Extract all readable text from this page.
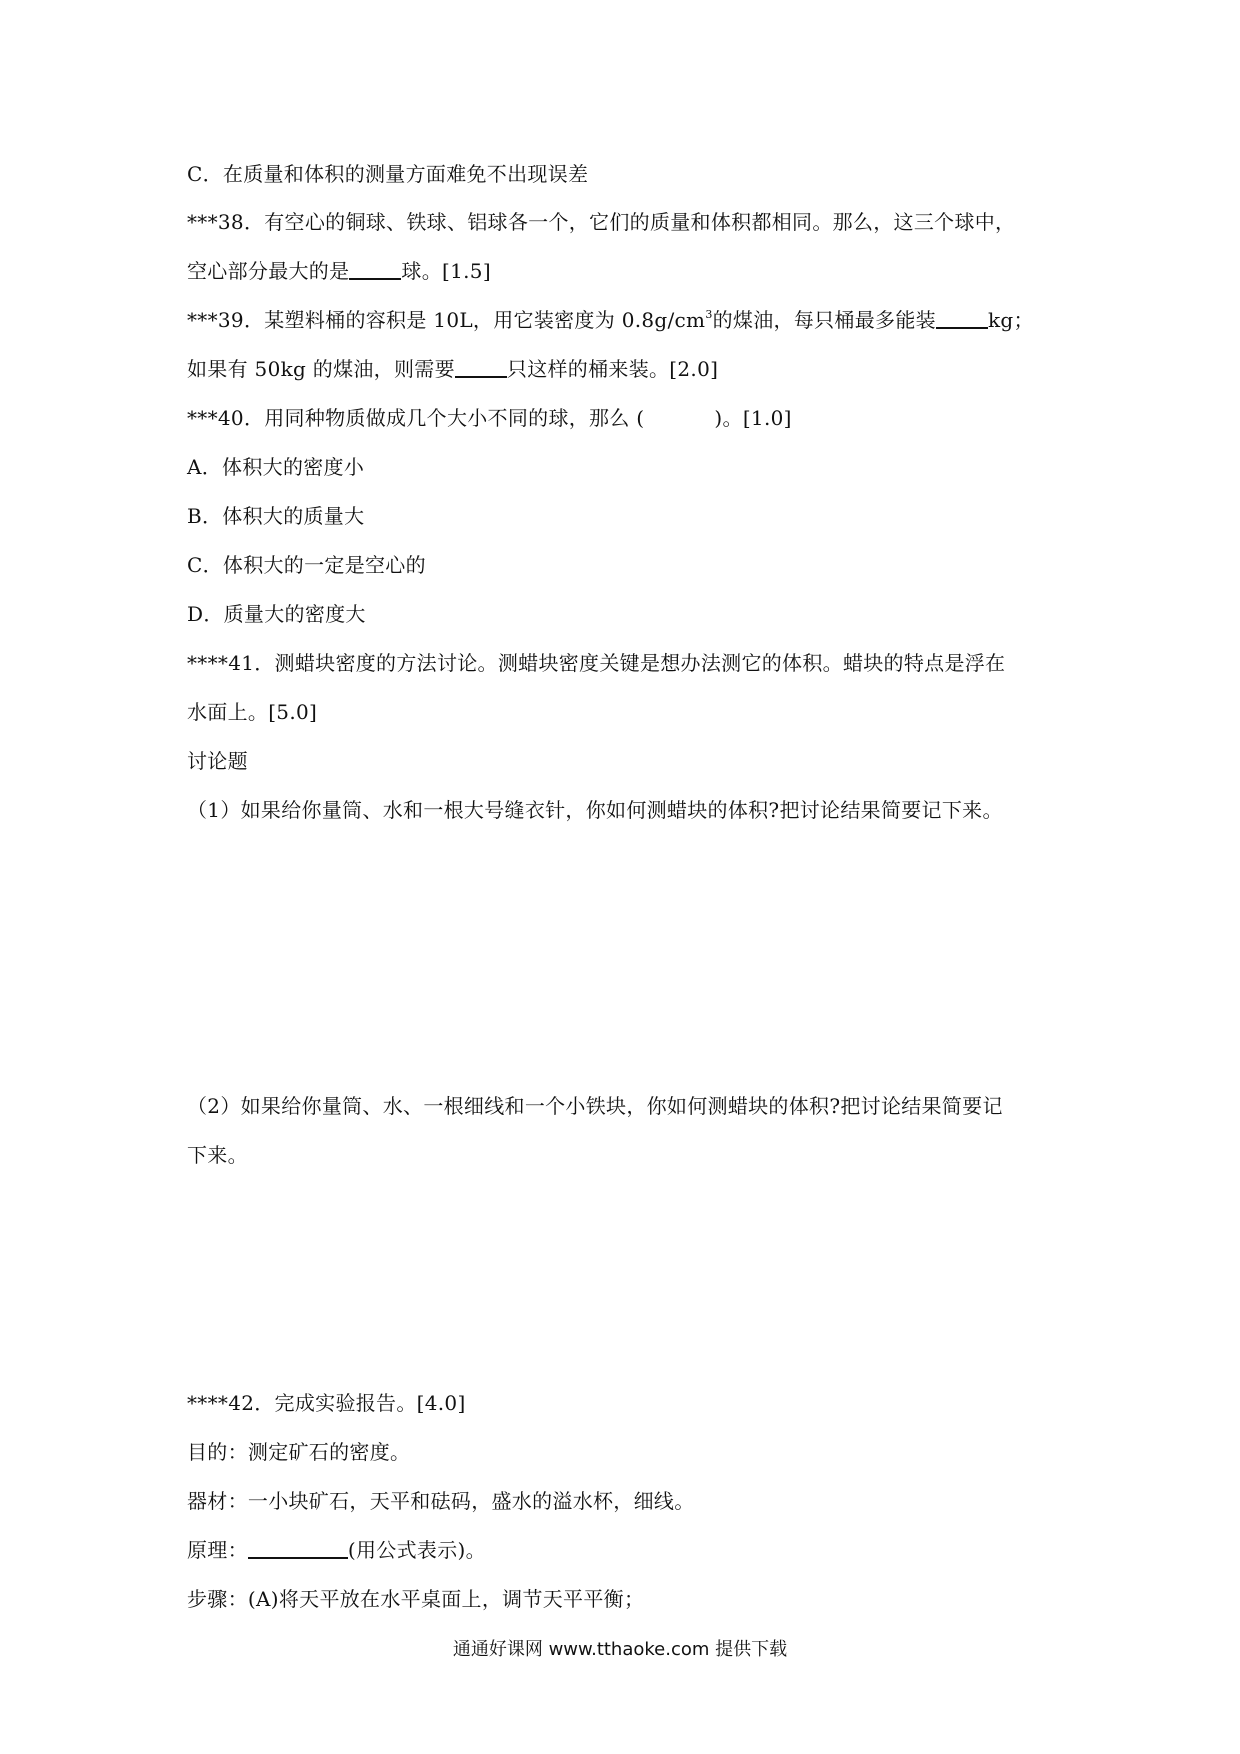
C．在质量和体积的测量方面难免不出现误差
***38．有空心的铜球、铁球、铝球各一个，它们的质量和体积都相同。那么，这三个球中，
空心部分最大的是	球。[1.5]
***39．某塑料桶的容积是 10L，用它装密度为 $0.8g/cm^3$的煤油，每只桶最多能装	kg；
如果有 50kg 的煤油，则需要	只这样的桶来装。[2.0]
***40．用同种物质做成几个大小不同的球，那么 (	)。[1.0]
A．体积大的密度小
B．体积大的质量大
C．体积大的一定是空心的
D．质量大的密度大
****41．测蜡块密度的方法讨论。测蜡块密度关键是想办法测它的体积。蜡块的特点是浮在
水面上。[5.0]
讨论题
（1）如果给你量筒、水和一根大号缝衣针，你如何测蜡块的体积?把讨论结果简要记下来。
（2）如果给你量筒、水、一根细线和一个小铁块，你如何测蜡块的体积?把讨论结果简要记
下来。
****42．完成实验报告。[4.0]
目的：测定矿石的密度。
器材：一小块矿石，天平和砝码，盛水的溢水杯，细线。
原理：	(用公式表示)。
步骤：(A)将天平放在水平桌面上，调节天平平衡；
通通好课网 www.tthaoke.com 提供下载
